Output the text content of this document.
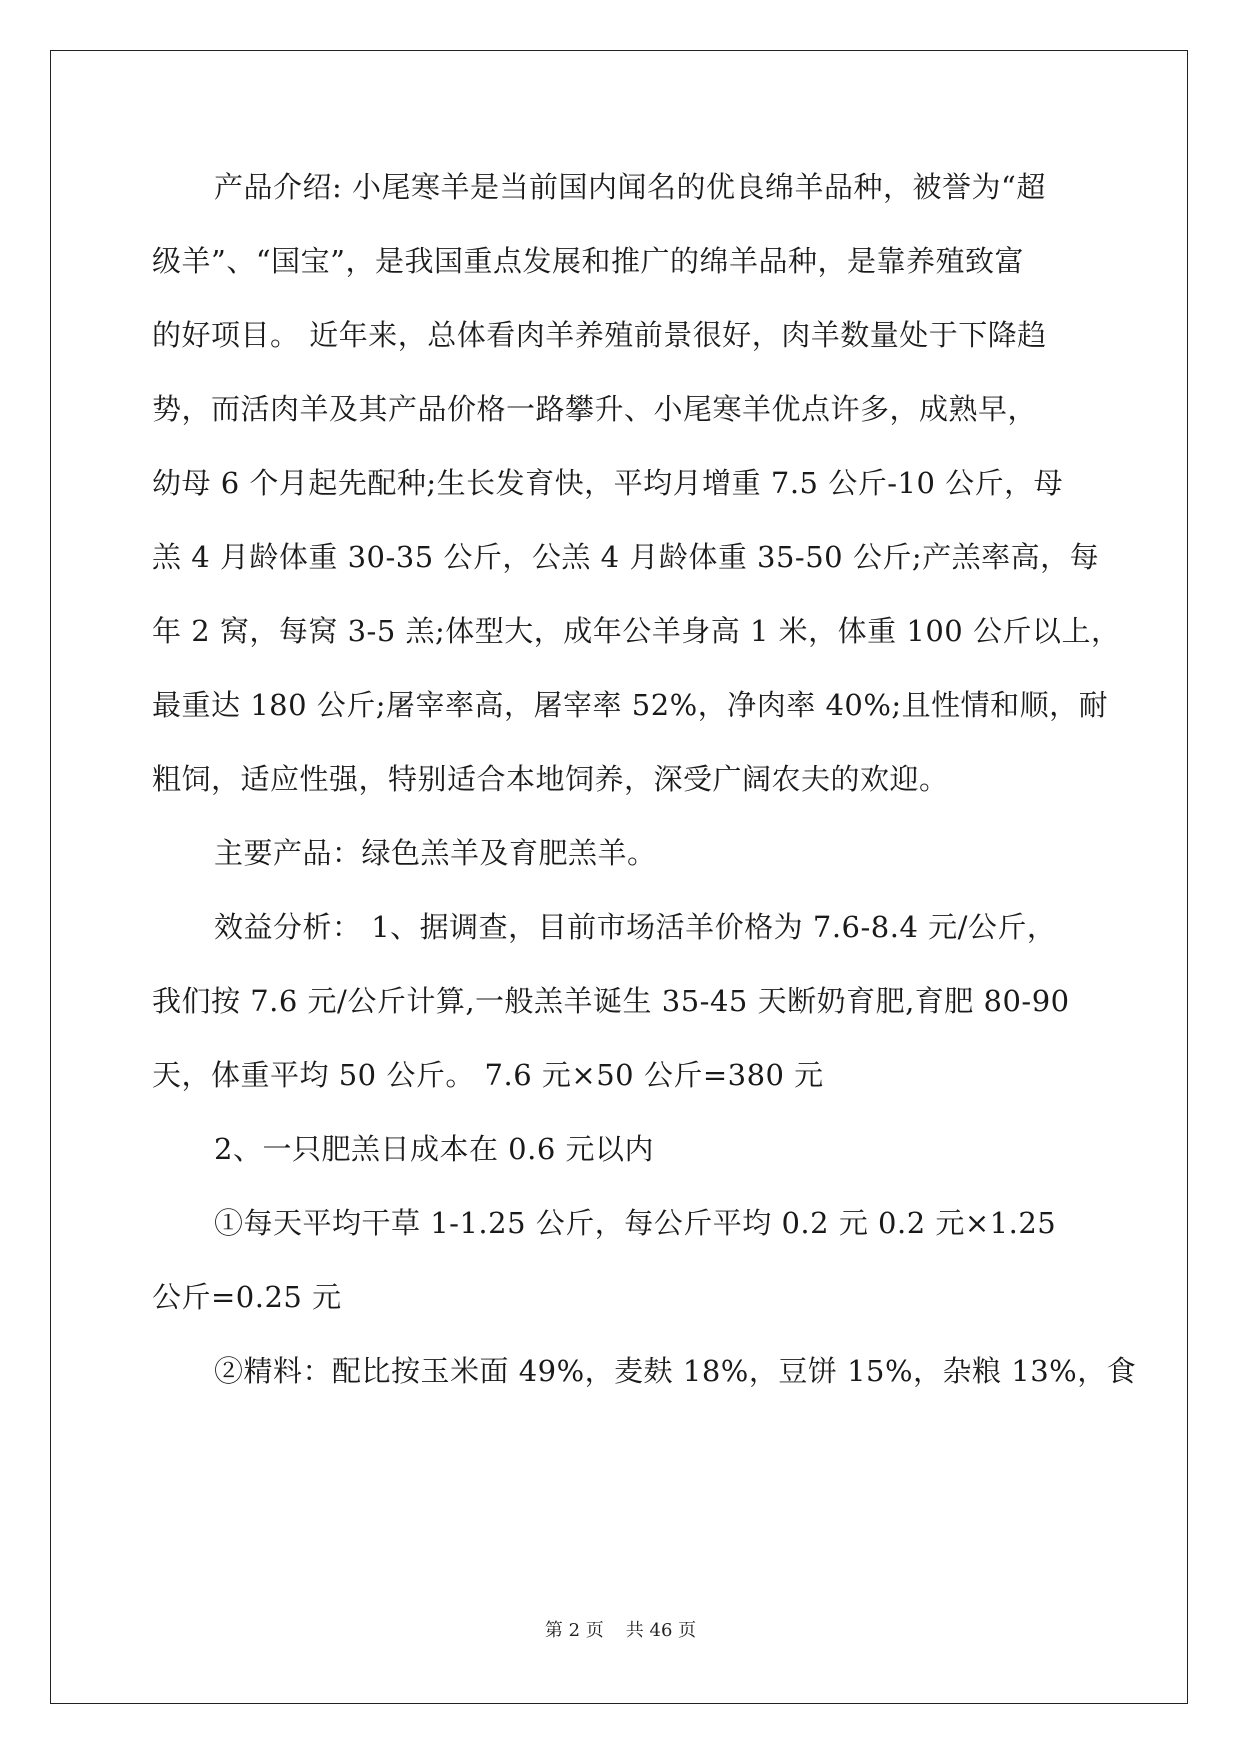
产品介绍: 小尾寒羊是当前国内闻名的优良绵羊品种，被誉为“超
级羊”、“国宝”，是我国重点发展和推广的绵羊品种，是靠养殖致富
的好项目。 近年来，总体看肉羊养殖前景很好，肉羊数量处于下降趋
势，而活肉羊及其产品价格一路攀升、小尾寒羊优点许多，成熟早，
幼母 6 个月起先配种;生长发育快，平均月增重 7.5 公斤-10 公斤，母
羔 4 月龄体重 30-35 公斤，公羔 4 月龄体重 35-50 公斤;产羔率高，每
年 2 窝，每窝 3-5 羔;体型大，成年公羊身高 1 米，体重 100 公斤以上，
最重达 180 公斤;屠宰率高，屠宰率 52%，净肉率 40%;且性情和顺，耐
粗饲，适应性强，特别适合本地饲养，深受广阔农夫的欢迎。
主要产品：绿色羔羊及育肥羔羊。
效益分析： 1、据调查，目前市场活羊价格为 7.6-8.4 元/公斤，
我们按 7.6 元/公斤计算,一般羔羊诞生 35-45 天断奶育肥,育肥 80-90
天，体重平均 50 公斤。 7.6 元×50 公斤=380 元
2、一只肥羔日成本在 0.6 元以内
①每天平均干草 1-1.25 公斤，每公斤平均 0.2 元 0.2 元×1.25
公斤=0.25 元
②精料：配比按玉米面 49%，麦麸 18%，豆饼 15%，杂粮 13%，食
第 2 页 共 46 页
